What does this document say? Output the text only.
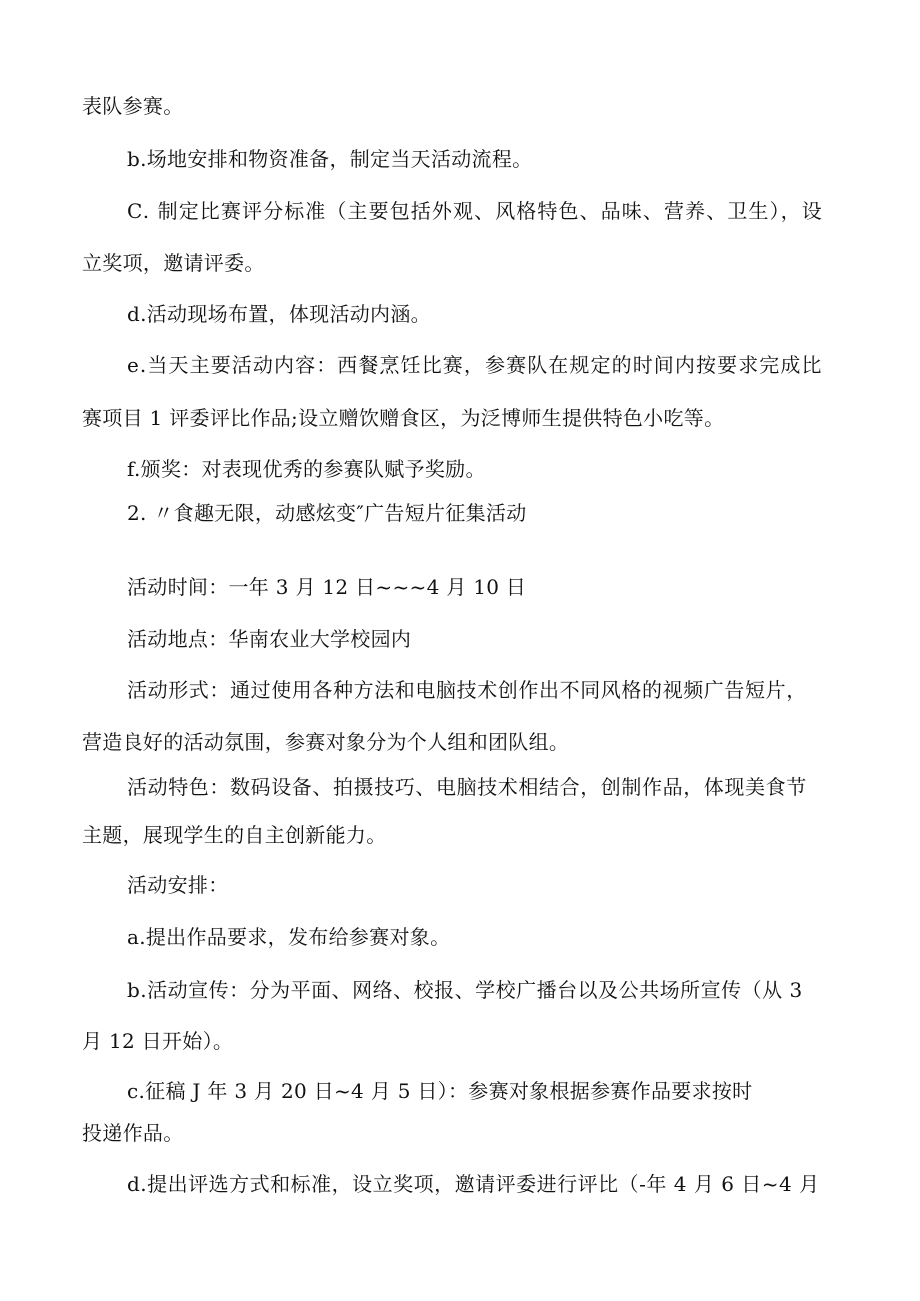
表队参赛。
b.场地安排和物资准备，制定当天活动流程。
C. 制定比赛评分标准（主要包括外观、风格特色、品味、营养、卫生），设
立奖项，邀请评委。
d.活动现场布置，体现活动内涵。
e.当天主要活动内容：西餐烹饪比赛，参赛队在规定的时间内按要求完成比
赛项目 1 评委评比作品;设立赠饮赠食区，为泛博师生提供特色小吃等。
f.颁奖：对表现优秀的参赛队赋予奖励。
2. 〃食趣无限，动感炫变″广告短片征集活动
活动时间：一年 3 月 12 日~~~4 月 10 日
活动地点：华南农业大学校园内
活动形式：通过使用各种方法和电脑技术创作出不同风格的视频广告短片，
营造良好的活动氛围，参赛对象分为个人组和团队组。
活动特色：数码设备、拍摄技巧、电脑技术相结合，创制作品，体现美食节
主题，展现学生的自主创新能力。
活动安排：
a.提出作品要求，发布给参赛对象。
b.活动宣传：分为平面、网络、校报、学校广播台以及公共场所宣传（从 3
月 12 日开始）。
c.征稿 J 年 3 月 20 日~4 月 5 日）：参赛对象根据参赛作品要求按时
投递作品。
d.提出评选方式和标准，设立奖项，邀请评委进行评比（-年 4 月 6 日~4 月
